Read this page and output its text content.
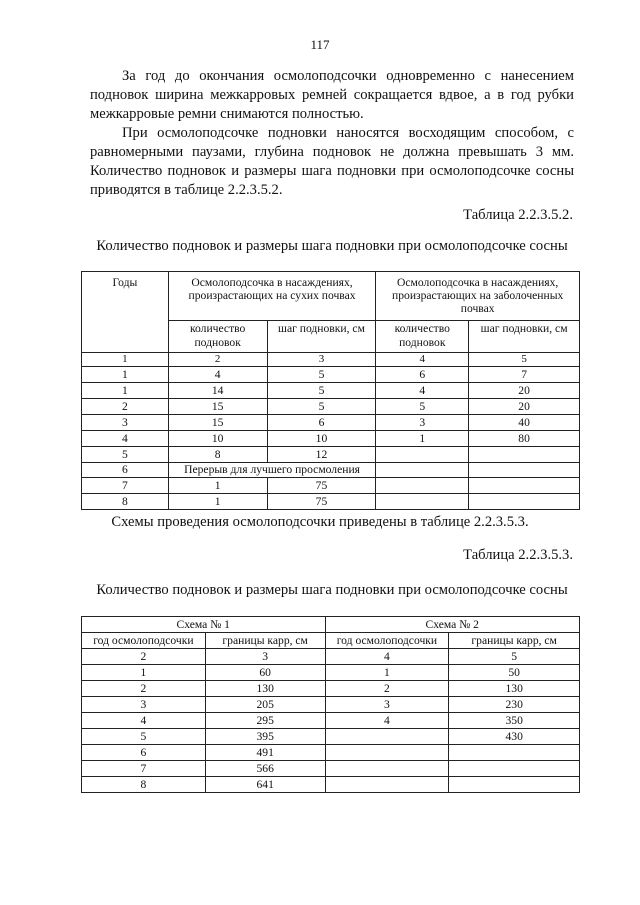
117

За год до окончания осмолоподсочки одновременно с нанесением подновок ширина межкарровых ремней сокращается вдвое, а в год рубки межкарровые ремни снимаются полностью.

При осмолоподсочке подновки наносятся восходящим способом, с равномерными паузами, глубина подновок не должна превышать 3 мм. Количество подновок и размеры шага подновки при осмолоподсочке сосны приводятся в таблице 2.2.3.5.2.

Таблица 2.2.3.5.2.
Количество подновок и размеры шага подновки при осмолоподсочке сосны
Годы	Осмолоподсочка в насаждениях, произрастающих на сухих почвах		Осмолоподсочка в насаждениях, произрастающих на заболоченных почвах	
	количество подновок	шаг подновки, см	количество подновок	шаг подновки, см
1	2	3	4	5
1	4	5	6	7
1	14	5	4	20
2	15	5	5	20
3	15	6	3	40
4	10	10	1	80
5	8	12		
6	Перерыв для лучшего просмоления			
7	1	75		
8	1	75		
Схемы проведения осмолоподсочки приведены в таблице 2.2.3.5.3.
Таблица 2.2.3.5.3.
Количество подновок и размеры шага подновки при осмолоподсочке сосны
Схема № 1		Схема № 2	
год осмолоподсочки	границы карр, см	год осмолоподсочки	границы карр, см
2	3	4	5
1	60	1	50
2	130	2	130
3	205	3	230
4	295	4	350
5	395		430
6	491		
7	566		
8	641		
